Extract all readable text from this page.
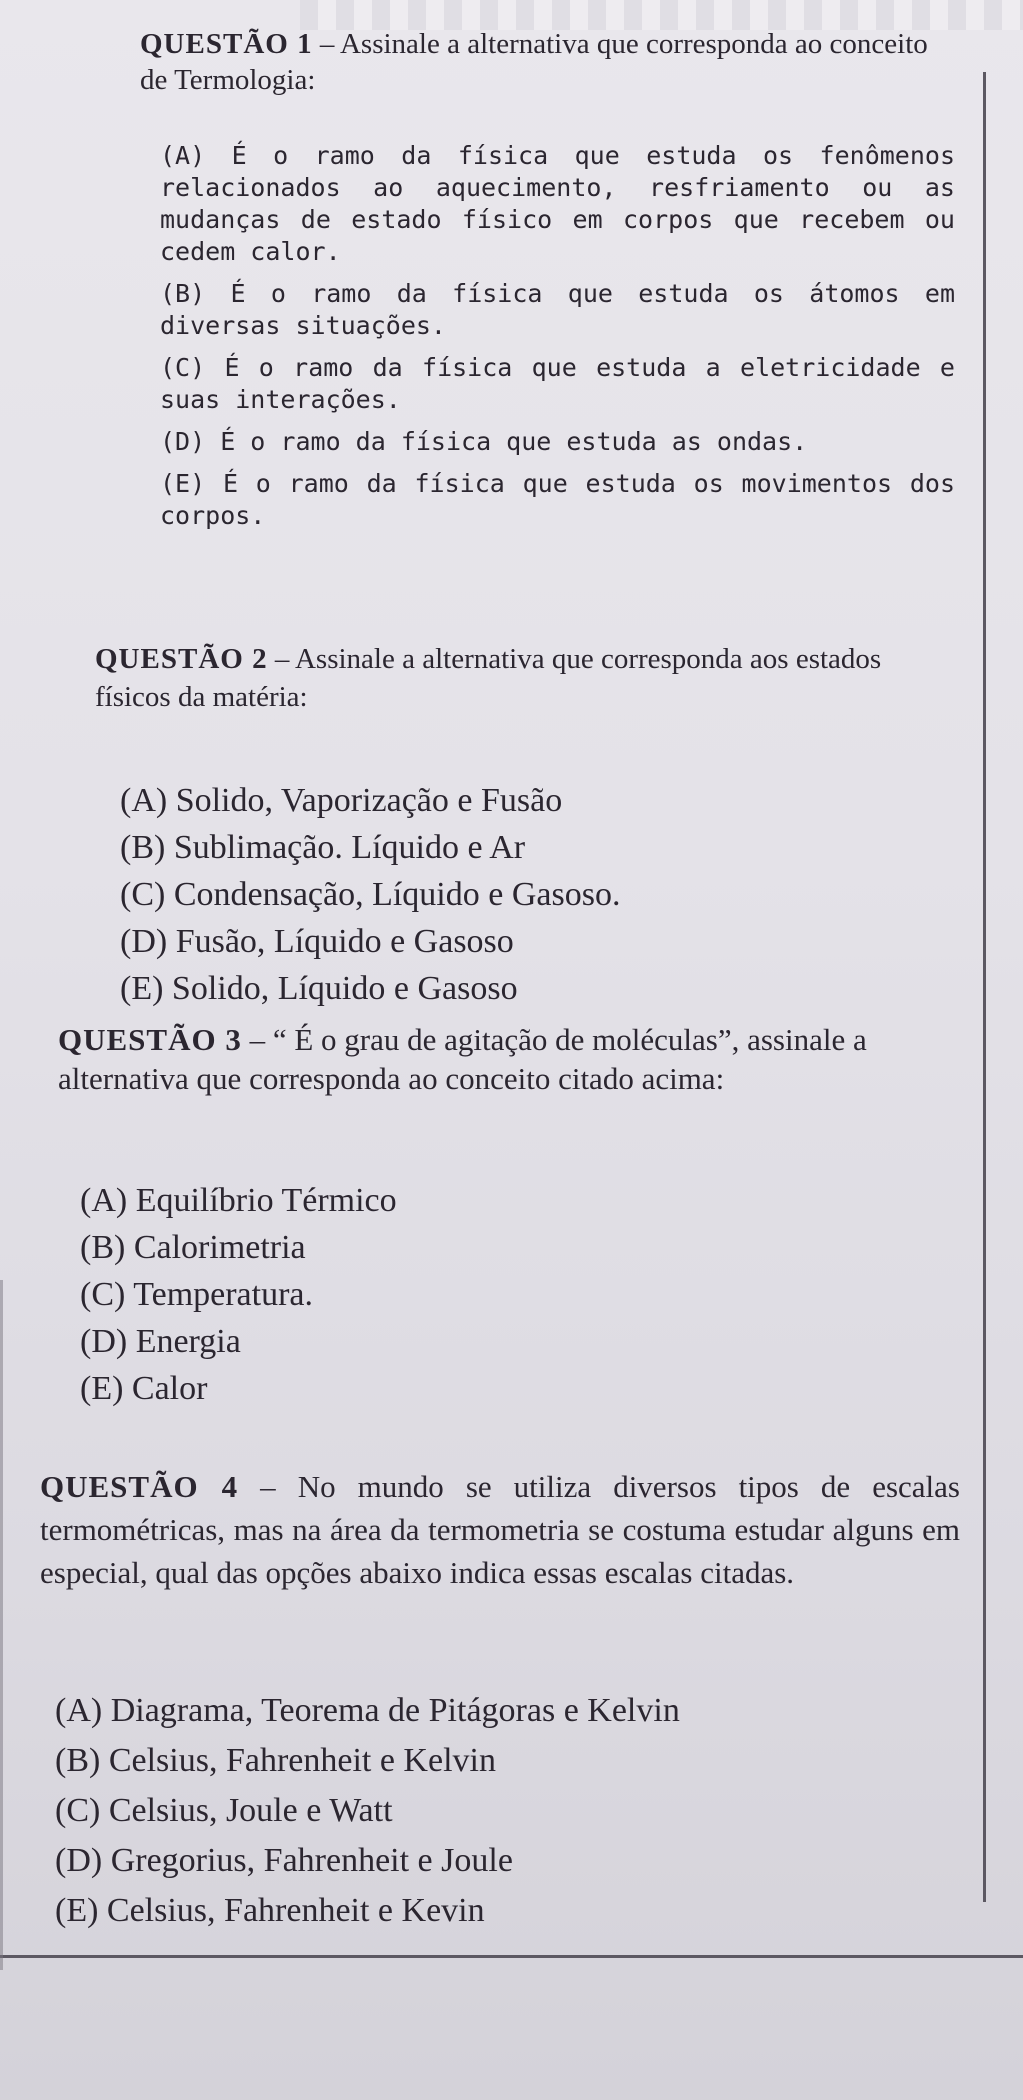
QUESTÃO 1 – Assinale a alternativa que corresponda ao conceito de Termologia:

(A) É o ramo da física que estuda os fenômenos relacionados ao aquecimento, resfriamento ou as mudanças de estado físico em corpos que recebem ou cedem calor.

(B) É o ramo da física que estuda os átomos em diversas situações.

(C) É o ramo da física que estuda a eletricidade e suas interações.

(D) É o ramo da física que estuda as ondas.

(E) É o ramo da física que estuda os movimentos dos corpos.

QUESTÃO 2 – Assinale a alternativa que corresponda aos estados físicos da matéria:

(A) Solido, Vaporização e Fusão

(B) Sublimação. Líquido e Ar

(C) Condensação, Líquido e Gasoso.

(D) Fusão, Líquido e Gasoso

(E) Solido, Líquido e Gasoso

QUESTÃO 3 – “ É o grau de agitação de moléculas”, assinale a alternativa que corresponda ao conceito citado acima:

(A) Equilíbrio Térmico

(B) Calorimetria

(C) Temperatura.

(D) Energia

(E) Calor

QUESTÃO 4 – No mundo se utiliza diversos tipos de escalas termométricas, mas na área da termometria se costuma estudar alguns em especial, qual das opções abaixo indica essas escalas citadas.

(A) Diagrama, Teorema de Pitágoras e Kelvin

(B) Celsius, Fahrenheit e Kelvin

(C) Celsius, Joule e Watt

(D) Gregorius, Fahrenheit e Joule

(E) Celsius, Fahrenheit e Kevin
